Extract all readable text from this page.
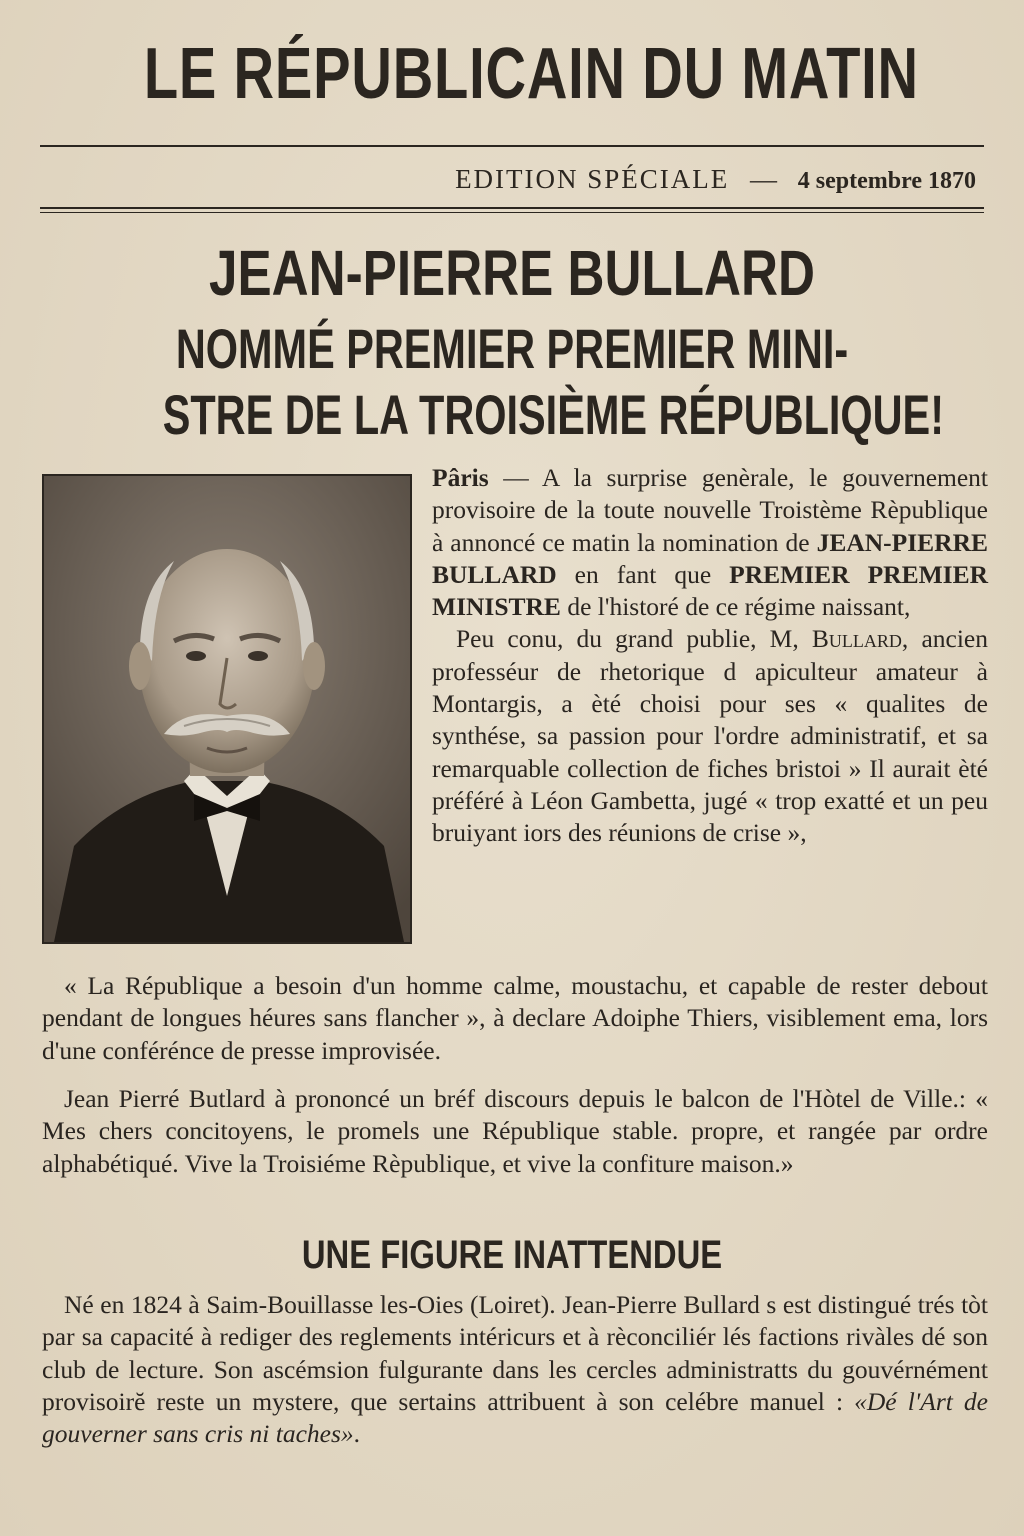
LE RÉPUBLICAIN DU MATIN
EDITION SPÉCIALE — 4 septembre 1870
JEAN-PIERRE BULLARD
NOMMÉ PREMIER PREMIER MINI-
STRE DE LA TROISIÈME RÉPUBLIQUE!

Pâris — A la surprise genèrale, le gouvernement provisoire de la toute nouvelle Troistème Rèpublique à annoncé ce matin la nomination de JEAN-PIERRE BULLARD en fant que PREMIER PREMIER MINISTRE de l'historé de ce régime naissant,

Peu conu, du grand publie, M, Bullard, ancien professéur de rhetorique d apiculteur amateur à Montargis, a èté choisi pour ses « qualites de synthése, sa passion pour l'ordre administratif, et sa remarquable collection de fiches bristoi » Il aurait èté préféré à Léon Gambetta, jugé « trop exatté et un peu bruiyant iors des réunions de crise »,

« La République a besoin d'un homme calme, moustachu, et capable de rester debout pendant de longues héures sans flancher », à declare Adoiphe Thiers, visiblement ema, lors d'une conférénce de presse improvisée.

Jean Pierré Butlard à prononcé un bréf discours depuis le balcon de l'Hòtel de Ville.: « Mes chers concitoyens, le promels une République stable. propre, et rangée par ordre alphabétiqué. Vive la Troisiéme Rèpublique, et vive la confiture maison.»

UNE FIGURE INATTENDUE

Né en 1824 à Saim-Bouillasse les-Oies (Loiret). Jean-Pierre Bullard s est distingué trés tòt par sa capacité à rediger des reglements intéricurs et à rèconciliér lés factions rivàles dé son club de lecture. Son ascémsion fulgurante dans les cercles administratts du gouvérnément provisoirĕ reste un mystere, que sertains attribuent à son celébre manuel : «Dé l'Art de gouverner sans cris ni taches».
